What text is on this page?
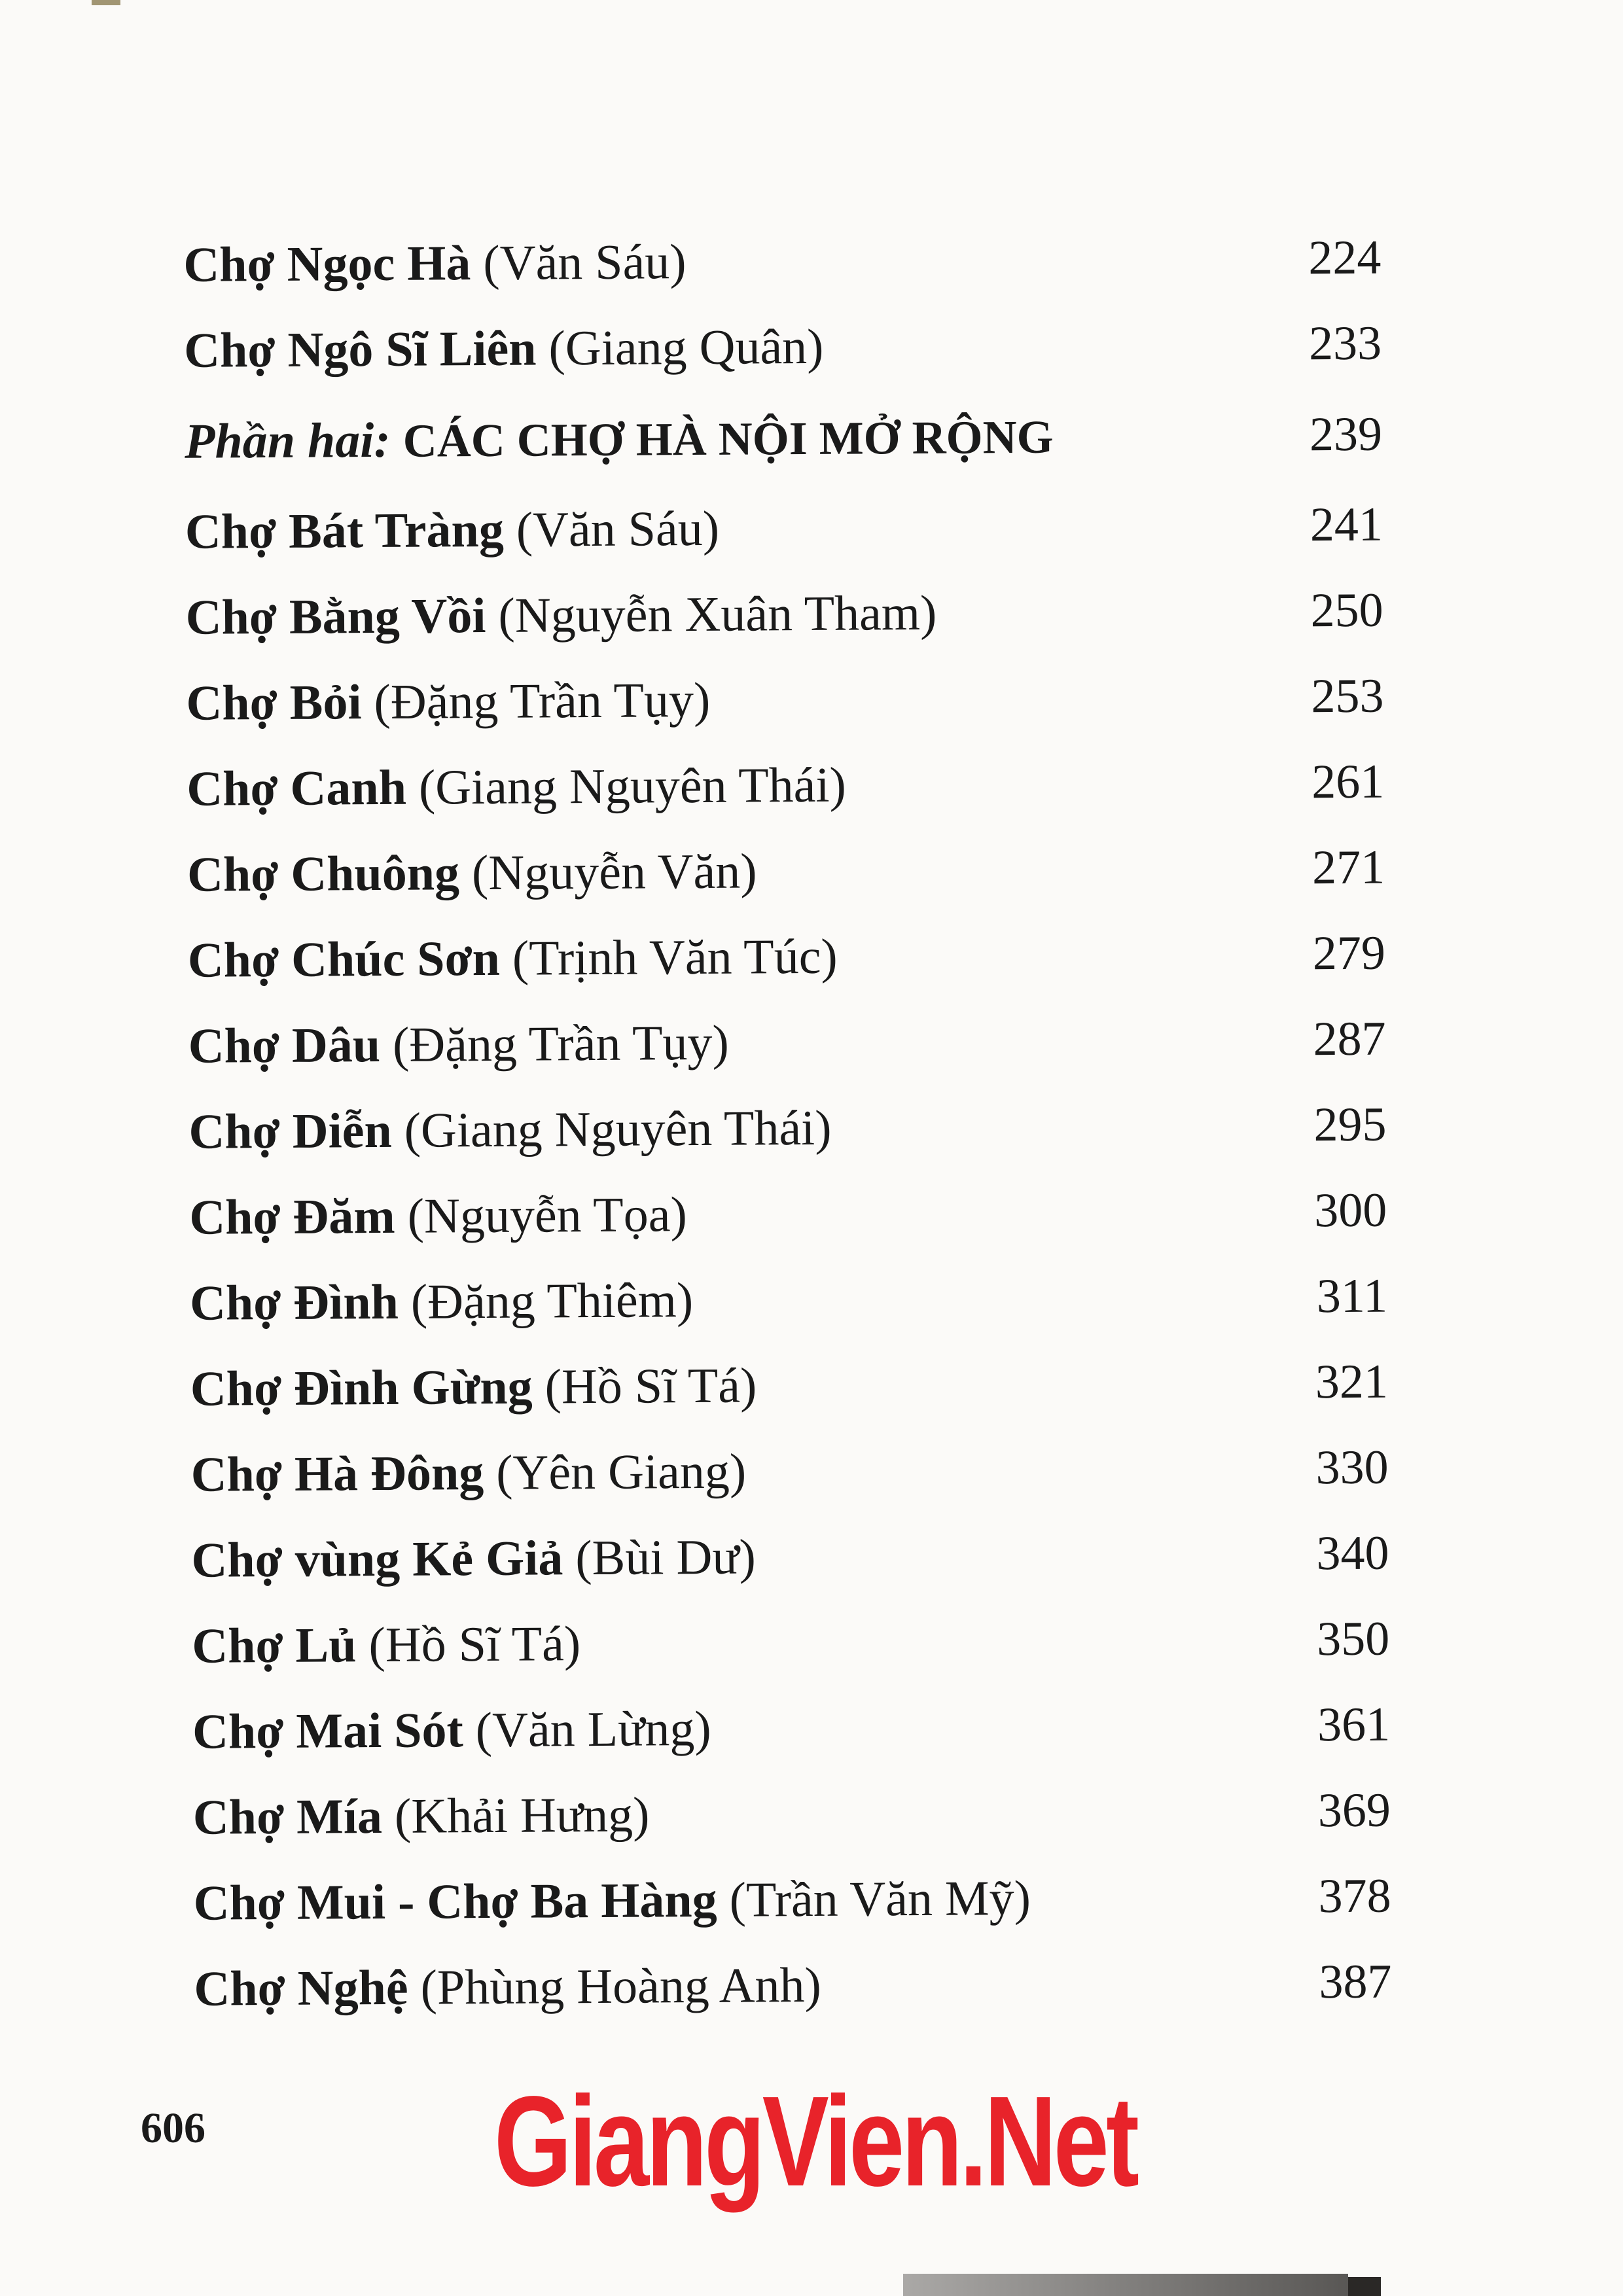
Chợ Ngọc Hà (Văn Sáu)	224
Chợ Ngô Sĩ Liên (Giang Quân)	233
Phần hai: CÁC CHỢ HÀ NỘI MỞ RỘNG	239
Chợ Bát Tràng (Văn Sáu)	241
Chợ Bằng Vồi (Nguyễn Xuân Tham)	250
Chợ Bỏi (Đặng Trần Tụy)	253
Chợ Canh (Giang Nguyên Thái)	261
Chợ Chuông (Nguyễn Văn)	271
Chợ Chúc Sơn (Trịnh Văn Túc)	279
Chợ Dâu (Đặng Trần Tụy)	287
Chợ Diễn (Giang Nguyên Thái)	295
Chợ Đăm (Nguyễn Tọa)	300
Chợ Đình (Đặng Thiêm)	311
Chợ Đình Gừng (Hồ Sĩ Tá)	321
Chợ Hà Đông (Yên Giang)	330
Chợ vùng Kẻ Giả (Bùi Dư)	340
Chợ Lủ (Hồ Sĩ Tá)	350
Chợ Mai Sót (Văn Lừng)	361
Chợ Mía (Khải Hưng)	369
Chợ Mui - Chợ Ba Hàng (Trần Văn Mỹ)	378
Chợ Nghệ (Phùng Hoàng Anh)	387
606 GiangVien.Net
